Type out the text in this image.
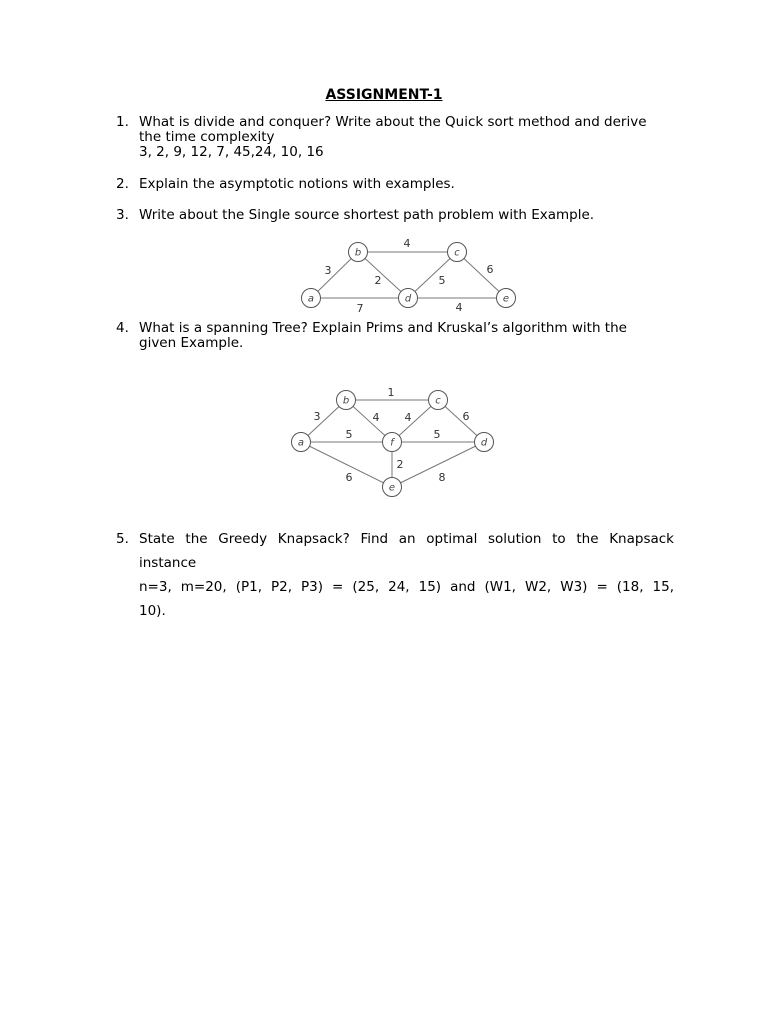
ASSIGNMENT-1
1. What is divide and conquer? Write about the Quick sort method and derive
the time complexity
3, 2, 9, 12, 7, 45,24, 10, 16
2. Explain the asymptotic notions with examples.
3. Write about the Single source shortest path problem with Example.
4
3
2	5
6
7	4
a
b	c
d	e
4. What is a spanning Tree? Explain Prims and Kruskal’s algorithm with the
given Example.
1
3	4 4	6
5	5
2
6	8
a
b	c
d
e
f
5. State the Greedy Knapsack? Find an optimal solution to the Knapsack
instance
n=3, m=20, (P1, P2, P3) = (25, 24, 15) and (W1, W2, W3) = (18, 15,
10).
